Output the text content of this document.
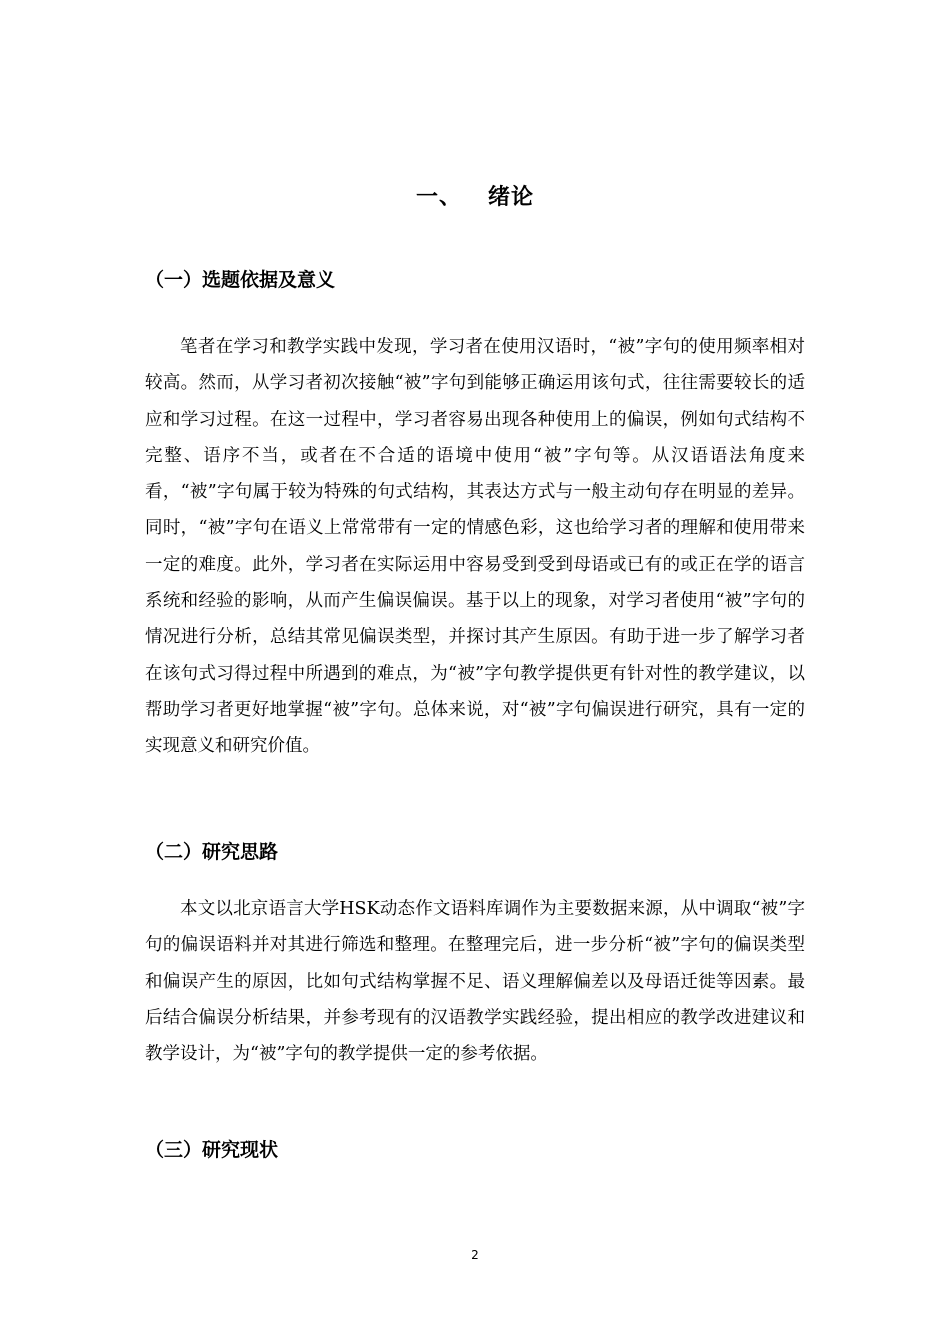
一、 绪论
（一）选题依据及意义

笔者在学习和教学实践中发现，学习者在使用汉语时，“被”字句的使用频率相对较高。然而，从学习者初次接触“被”字句到能够正确运用该句式，往往需要较长的适应和学习过程。在这一过程中，学习者容易出现各种使用上的偏误，例如句式结构不完整、语序不当，或者在不合适的语境中使用“被”字句等。从汉语语法角度来看，“被”字句属于较为特殊的句式结构，其表达方式与一般主动句存在明显的差异。同时，“被”字句在语义上常常带有一定的情感色彩，这也给学习者的理解和使用带来一定的难度。此外，学习者在实际运用中容易受到受到母语或已有的或正在学的语言系统和经验的影响，从而产生偏误偏误。基于以上的现象，对学习者使用“被”字句的情况进行分析，总结其常见偏误类型，并探讨其产生原因。有助于进一步了解学习者在该句式习得过程中所遇到的难点，为“被”字句教学提供更有针对性的教学建议，以帮助学习者更好地掌握“被”字句。总体来说，对“被”字句偏误进行研究，具有一定的实现意义和研究价值。

（二）研究思路

本文以北京语言大学HSK动态作文语料库调作为主要数据来源，从中调取“被”字句的偏误语料并对其进行筛选和整理。在整理完后，进一步分析“被”字句的偏误类型和偏误产生的原因，比如句式结构掌握不足、语义理解偏差以及母语迁徙等因素。最后结合偏误分析结果，并参考现有的汉语教学实践经验，提出相应的教学改进建议和教学设计，为“被”字句的教学提供一定的参考依据。

（三）研究现状
2
